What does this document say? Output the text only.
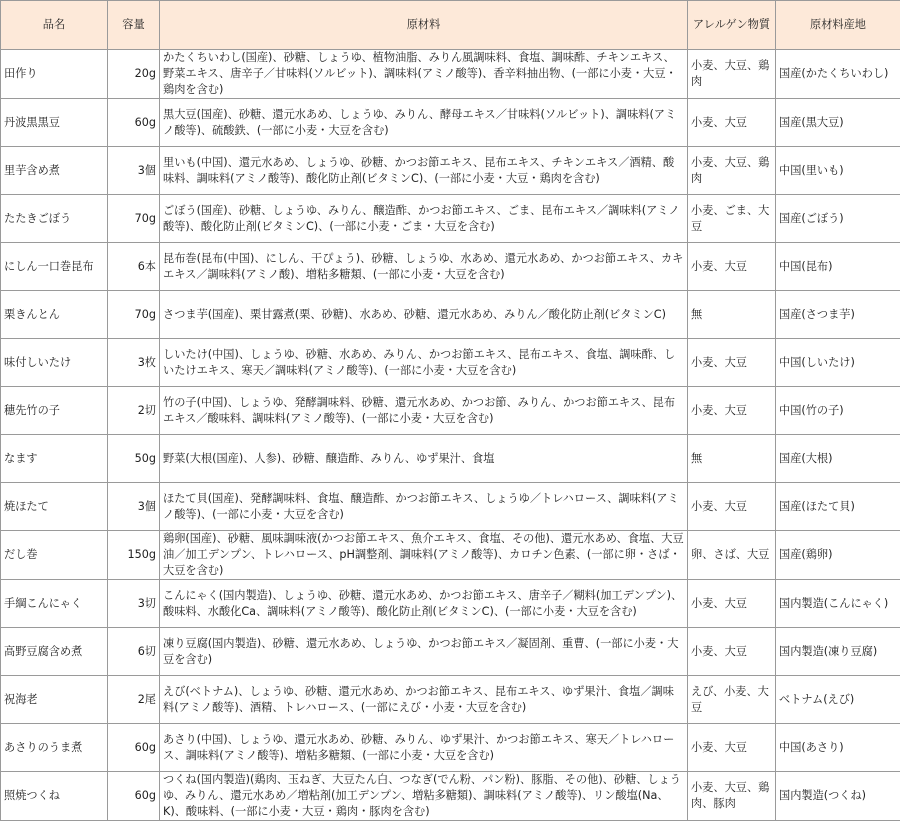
品名	容量	原材料	アレルゲン物質	原材料産地
田作り	20g	かたくちいわし(国産)、砂糖、しょうゆ、植物油脂、みりん風調味料、食塩、調味酢、チキンエキス、野菜エキス、唐辛子／甘味料(ソルビット)、調味料(アミノ酸等)、香辛料抽出物、(一部に小麦・大豆・鶏肉を含む)	小麦、大豆、鶏肉	国産(かたくちいわし)
丹波黒黒豆	60g	黒大豆(国産)、砂糖、還元水あめ、しょうゆ、みりん、酵母エキス／甘味料(ソルビット)、調味料(アミノ酸等)、硫酸鉄、(一部に小麦・大豆を含む)	小麦、大豆	国産(黒大豆)
里芋含め煮	3個	里いも(中国)、還元水あめ、しょうゆ、砂糖、かつお節エキス、昆布エキス、チキンエキス／酒精、酸味料、調味料(アミノ酸等)、酸化防止剤(ビタミンC)、(一部に小麦・大豆・鶏肉を含む)	小麦、大豆、鶏肉	中国(里いも)
たたきごぼう	70g	ごぼう(国産)、砂糖、しょうゆ、みりん、醸造酢、かつお節エキス、ごま、昆布エキス／調味料(アミノ酸等)、酸化防止剤(ビタミンC)、(一部に小麦・ごま・大豆を含む)	小麦、ごま、大豆	国産(ごぼう)
にしん一口巻昆布	6本	昆布巻(昆布(中国)、にしん、干ぴょう)、砂糖、しょうゆ、水あめ、還元水あめ、かつお節エキス、カキエキス／調味料(アミノ酸)、増粘多糖類、(一部に小麦・大豆を含む)	小麦、大豆	中国(昆布)
栗きんとん	70g	さつま芋(国産)、栗甘露煮(栗、砂糖)、水あめ、砂糖、還元水あめ、みりん／酸化防止剤(ビタミンC)	無	国産(さつま芋)
味付しいたけ	3枚	しいたけ(中国)、しょうゆ、砂糖、水あめ、みりん、かつお節エキス、昆布エキス、食塩、調味酢、しいたけエキス、寒天／調味料(アミノ酸等)、(一部に小麦・大豆を含む)	小麦、大豆	中国(しいたけ)
穂先竹の子	2切	竹の子(中国)、しょうゆ、発酵調味料、砂糖、還元水あめ、かつお節、みりん、かつお節エキス、昆布エキス／酸味料、調味料(アミノ酸等)、(一部に小麦・大豆を含む)	小麦、大豆	中国(竹の子)
なます	50g	野菜(大根(国産)、人参)、砂糖、醸造酢、みりん、ゆず果汁、食塩	無	国産(大根)
焼ほたて	3個	ほたて貝(国産)、発酵調味料、食塩、醸造酢、かつお節エキス、しょうゆ／トレハロース、調味料(アミノ酸等)、(一部に小麦・大豆を含む)	小麦、大豆	国産(ほたて貝)
だし巻	150g	鶏卵(国産)、砂糖、風味調味液(かつお節エキス、魚介エキス、食塩、その他)、還元水あめ、食塩、大豆油／加工デンプン、トレハロース、pH調整剤、調味料(アミノ酸等)、カロチン色素、(一部に卵・さば・大豆を含む)	卵、さば、大豆	国産(鶏卵)
手綱こんにゃく	3切	こんにゃく(国内製造)、しょうゆ、砂糖、還元水あめ、かつお節エキス、唐辛子／糊料(加工デンプン)、酸味料、水酸化Ca、調味料(アミノ酸等)、酸化防止剤(ビタミンC)、(一部に小麦・大豆を含む)	小麦、大豆	国内製造(こんにゃく)
高野豆腐含め煮	6切	凍り豆腐(国内製造)、砂糖、還元水あめ、しょうゆ、かつお節エキス／凝固剤、重曹、(一部に小麦・大豆を含む)	小麦、大豆	国内製造(凍り豆腐)
祝海老	2尾	えび(ベトナム)、しょうゆ、砂糖、還元水あめ、かつお節エキス、昆布エキス、ゆず果汁、食塩／調味料(アミノ酸等)、酒精、トレハロース、(一部にえび・小麦・大豆を含む)	えび、小麦、大豆	ベトナム(えび)
あさりのうま煮	60g	あさり(中国)、しょうゆ、還元水あめ、砂糖、みりん、ゆず果汁、かつお節エキス、寒天／トレハロース、調味料(アミノ酸等)、増粘多糖類、(一部に小麦・大豆を含む)	小麦、大豆	中国(あさり)
照焼つくね	60g	つくね(国内製造)(鶏肉、玉ねぎ、大豆たん白、つなぎ(でん粉、パン粉)、豚脂、その他)、砂糖、しょうゆ、みりん、還元水あめ／増粘剤(加工デンプン、増粘多糖類)、調味料(アミノ酸等)、リン酸塩(Na、K)、酸味料、(一部に小麦・大豆・鶏肉・豚肉を含む)	小麦、大豆、鶏肉、豚肉	国内製造(つくね)
